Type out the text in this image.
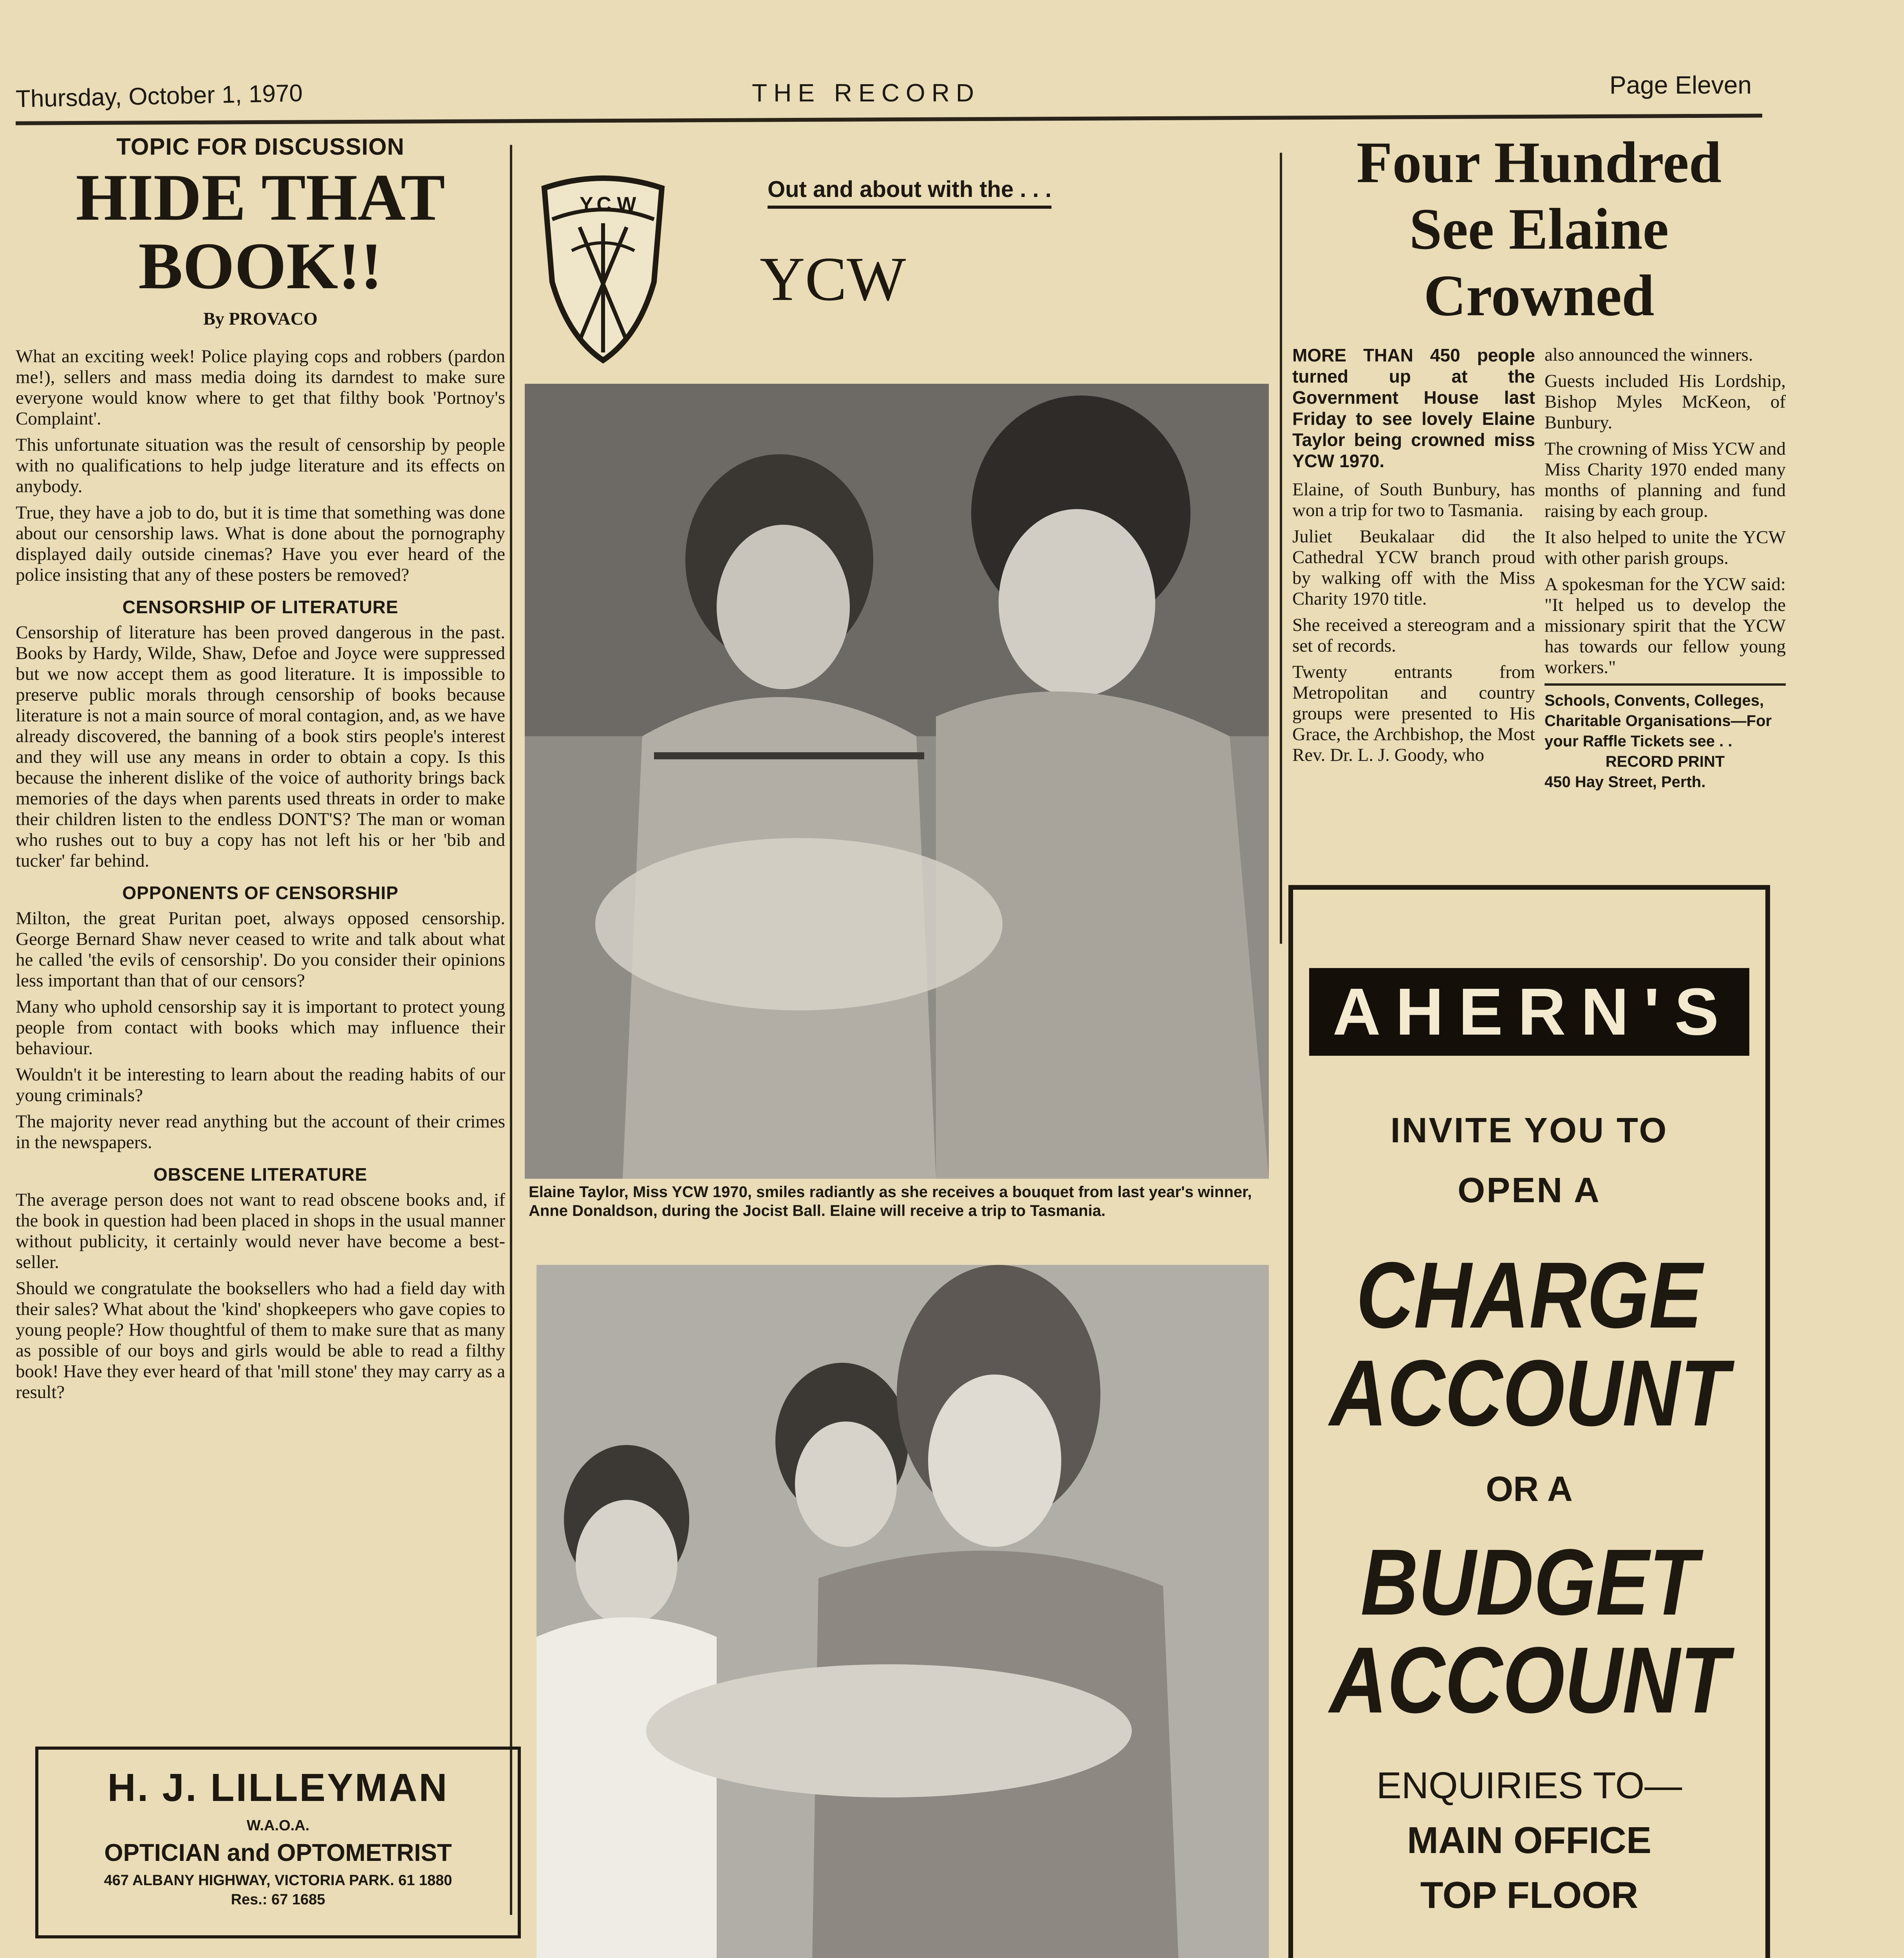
Thursday, October 1, 1970	THE RECORD	Page Eleven
TOPIC FOR DISCUSSION
HIDE THAT
BOOK!!
By PROVACO

What an exciting week! Police playing cops and robbers (pardon me!), sellers and mass media doing its darndest to make sure everyone would know where to get that filthy book 'Portnoy's Complaint'.

This unfortunate situation was the result of censorship by people with no qualifications to help judge literature and its effects on anybody.

True, they have a job to do, but it is time that something was done about our censorship laws. What is done about the pornography displayed daily outside cinemas? Have you ever heard of the police insisting that any of these posters be removed?

CENSORSHIP OF LITERATURE

Censorship of literature has been proved dangerous in the past. Books by Hardy, Wilde, Shaw, Defoe and Joyce were suppressed but we now accept them as good literature. It is impossible to preserve public morals through censorship of books because literature is not a main source of moral contagion, and, as we have already discovered, the banning of a book stirs people's interest and they will use any means in order to obtain a copy. Is this because the inherent dislike of the voice of authority brings back memories of the days when parents used threats in order to make their children listen to the endless DONT'S? The man or woman who rushes out to buy a copy has not left his or her 'bib and tucker' far behind.

OPPONENTS OF CENSORSHIP

Milton, the great Puritan poet, always opposed censorship. George Bernard Shaw never ceased to write and talk about what he called 'the evils of censorship'. Do you consider their opinions less important than that of our censors?

Many who uphold censorship say it is important to protect young people from contact with books which may influence their behaviour.

Wouldn't it be interesting to learn about the reading habits of our young criminals?

The majority never read anything but the account of their crimes in the newspapers.

OBSCENE LITERATURE

The average person does not want to read obscene books and, if the book in question had been placed in shops in the usual manner without publicity, it certainly would never have become a best-seller.

Should we congratulate the booksellers who had a field day with their sales? What about the 'kind' shopkeepers who gave copies to young people? How thoughtful of them to make sure that as many as possible of our boys and girls would be able to read a filthy book! Have they ever heard of that 'mill stone' they may carry as a result?

H. J. LILLEYMAN
W.A.O.A.
OPTICIAN and OPTOMETRIST
467 ALBANY HIGHWAY, VICTORIA PARK. 61 1880
Res.: 67 1685
Y.C.W
Out and about with the . . .
YCW
Elaine Taylor, Miss YCW 1970, smiles radiantly as she receives a bouquet from last year's winner, Anne Donaldson, during the Jocist Ball. Elaine will receive a trip to Tasmania.
Four Hundred
See Elaine
Crowned
MORE THAN 450 people turned up at the Government House last Friday to see lovely Elaine Taylor being crowned miss YCW 1970.

Elaine, of South Bunbury, has won a trip for two to Tasmania.

Juliet Beukalaar did the Cathedral YCW branch proud by walking off with the Miss Charity 1970 title.

She received a stereogram and a set of records.

Twenty entrants from Metropolitan and country groups were presented to His Grace, the Archbishop, the Most Rev. Dr. L. J. Goody, who

also announced the winners.

Guests included His Lordship, Bishop Myles McKeon, of Bunbury.

The crowning of Miss YCW and Miss Charity 1970 ended many months of planning and fund raising by each group.

It also helped to unite the YCW with other parish groups.

A spokesman for the YCW said: "It helped us to develop the missionary spirit that the YCW has towards our fellow young workers."

Schools, Convents, Colleges, Charitable Organisations—For your Raffle Tickets see . .
RECORD PRINT
450 Hay Street, Perth.
AHERN'S
INVITE YOU TO
OPEN A
CHARGE
ACCOUNT
OR A
BUDGET
ACCOUNT
ENQUIRIES TO—
MAIN OFFICE
TOP FLOOR
